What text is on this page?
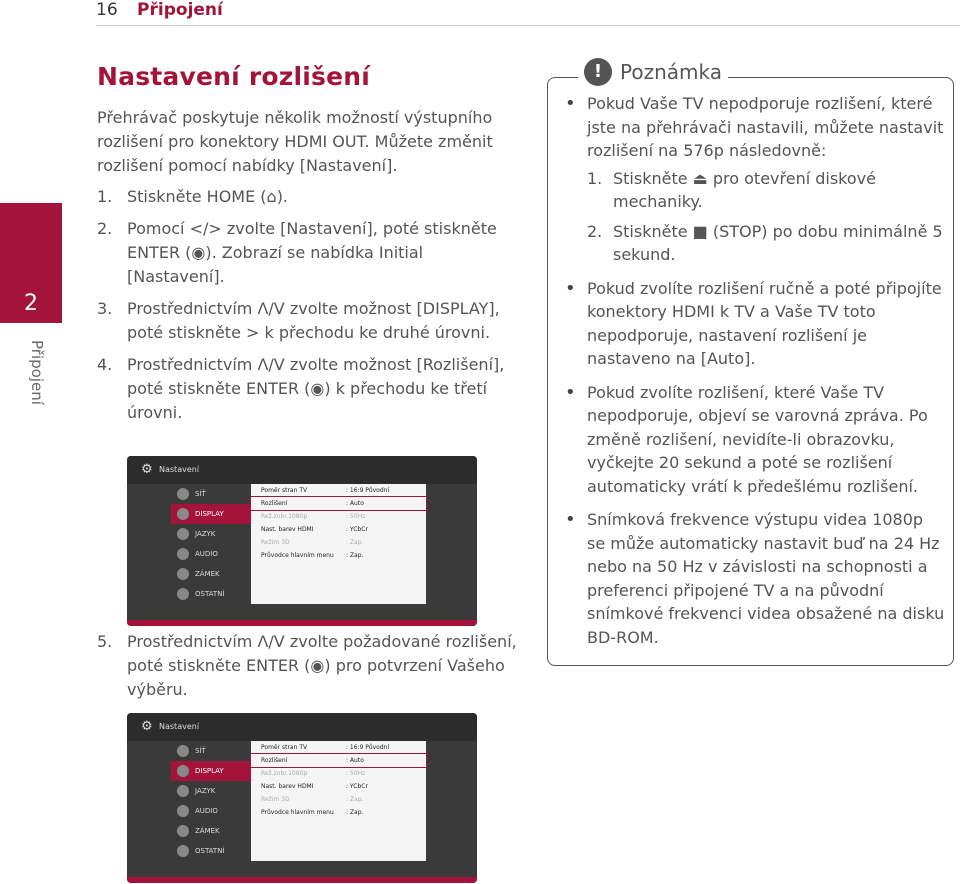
16 Připojení
2
Připojení
Nastavení rozlišení
Přehrávač poskytuje několik možností výstupního rozlišení pro konektory HDMI OUT. Můžete změnit rozlišení pomocí nabídky [Nastavení].
1. Stiskněte HOME (⌂).
2. Pomocí </> zvolte [Nastavení], poté stiskněte ENTER (◉). Zobrazí se nabídka Initial [Nastavení].
3. Prostřednictvím Λ/V zvolte možnost [DISPLAY], poté stiskněte > k přechodu ke druhé úrovni.
4. Prostřednictvím Λ/V zvolte možnost [Rozlišení], poté stiskněte ENTER (◉) k přechodu ke třetí úrovni.
⚙ Nastavení
SÍŤ
DISPLAY
JAZYK
AUDIO
ZÁMEK
OSTATNÍ
Poměr stran TV	: 16:9 Původní
Rozlišení	: Auto
Rež.zobr.1080p	: 50Hz
Nast. barev HDMI	: YCbCr
Režim 3D	: Zap.
Průvodce hlavním menu	: Zap.
5. Prostřednictvím Λ/V zvolte požadované rozlišení, poté stiskněte ENTER (◉) pro potvrzení Vašeho výběru.
⚙ Nastavení
SÍŤ
DISPLAY
JAZYK
AUDIO
ZÁMEK
OSTATNÍ
Poměr stran TV	: 16:9 Původní
Rozlišení	: Auto
Rež.zobr.1080p	: 50Hz
Nast. barev HDMI	: YCbCr
Režim 3D	: Zap.
Průvodce hlavním menu	: Zap.
! Poznámka
• Pokud Vaše TV nepodporuje rozlišení, které jste na přehrávači nastavili, můžete nastavit rozlišení na 576p následovně:
1. Stiskněte ⏏ pro otevření diskové mechaniky.
2. Stiskněte ■ (STOP) po dobu minimálně 5 sekund.
• Pokud zvolíte rozlišení ručně a poté připojíte konektory HDMI k TV a Vaše TV toto nepodporuje, nastavení rozlišení je nastaveno na [Auto].
• Pokud zvolíte rozlišení, které Vaše TV nepodporuje, objeví se varovná zpráva. Po změně rozlišení, nevidíte-li obrazovku, vyčkejte 20 sekund a poté se rozlišení automaticky vrátí k předešlému rozlišení.
• Snímková frekvence výstupu videa 1080p se může automaticky nastavit buď na 24 Hz nebo na 50 Hz v závislosti na schopnosti a preferenci připojené TV a na původní snímkové frekvenci videa obsažené na disku BD-ROM.
